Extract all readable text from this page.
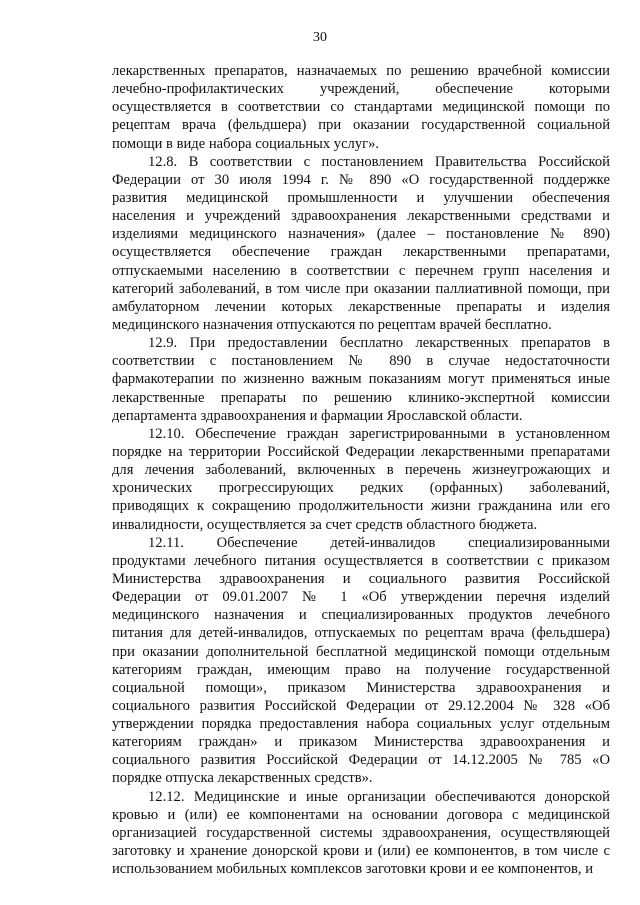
30
лекарственных препаратов, назначаемых по решению врачебной комиссии
лечебно-профилактических учреждений, обеспечение которыми
осуществляется в соответствии со стандартами медицинской помощи по
рецептам врача (фельдшера) при оказании государственной социальной
помощи в виде набора социальных услуг».
12.8. В соответствии с постановлением Правительства Российской
Федерации от 30 июля 1994 г. № 890 «О государственной поддержке
развития медицинской промышленности и улучшении обеспечения
населения и учреждений здравоохранения лекарственными средствами и
изделиями медицинского назначения» (далее – постановление № 890)
осуществляется обеспечение граждан лекарственными препаратами,
отпускаемыми населению в соответствии с перечнем групп населения и
категорий заболеваний, в том числе при оказании паллиативной помощи, при
амбулаторном лечении которых лекарственные препараты и изделия
медицинского назначения отпускаются по рецептам врачей бесплатно.
12.9. При предоставлении бесплатно лекарственных препаратов в
соответствии с постановлением № 890 в случае недостаточности
фармакотерапии по жизненно важным показаниям могут применяться иные
лекарственные препараты по решению клинико-экспертной комиссии
департамента здравоохранения и фармации Ярославской области.
12.10. Обеспечение граждан зарегистрированными в установленном
порядке на территории Российской Федерации лекарственными препаратами
для лечения заболеваний, включенных в перечень жизнеугрожающих и
хронических прогрессирующих редких (орфанных) заболеваний,
приводящих к сокращению продолжительности жизни гражданина или его
инвалидности, осуществляется за счет средств областного бюджета.
12.11. Обеспечение детей-инвалидов специализированными
продуктами лечебного питания осуществляется в соответствии с приказом
Министерства здравоохранения и социального развития Российской
Федерации от 09.01.2007 № 1 «Об утверждении перечня изделий
медицинского назначения и специализированных продуктов лечебного
питания для детей-инвалидов, отпускаемых по рецептам врача (фельдшера)
при оказании дополнительной бесплатной медицинской помощи отдельным
категориям граждан, имеющим право на получение государственной
социальной помощи», приказом Министерства здравоохранения и
социального развития Российской Федерации от 29.12.2004 № 328 «Об
утверждении порядка предоставления набора социальных услуг отдельным
категориям граждан» и приказом Министерства здравоохранения и
социального развития Российской Федерации от 14.12.2005 № 785 «О
порядке отпуска лекарственных средств».
12.12. Медицинские и иные организации обеспечиваются донорской
кровью и (или) ее компонентами на основании договора с медицинской
организацией государственной системы здравоохранения, осуществляющей
заготовку и хранение донорской крови и (или) ее компонентов, в том числе с
использованием мобильных комплексов заготовки крови и ее компонентов, и
